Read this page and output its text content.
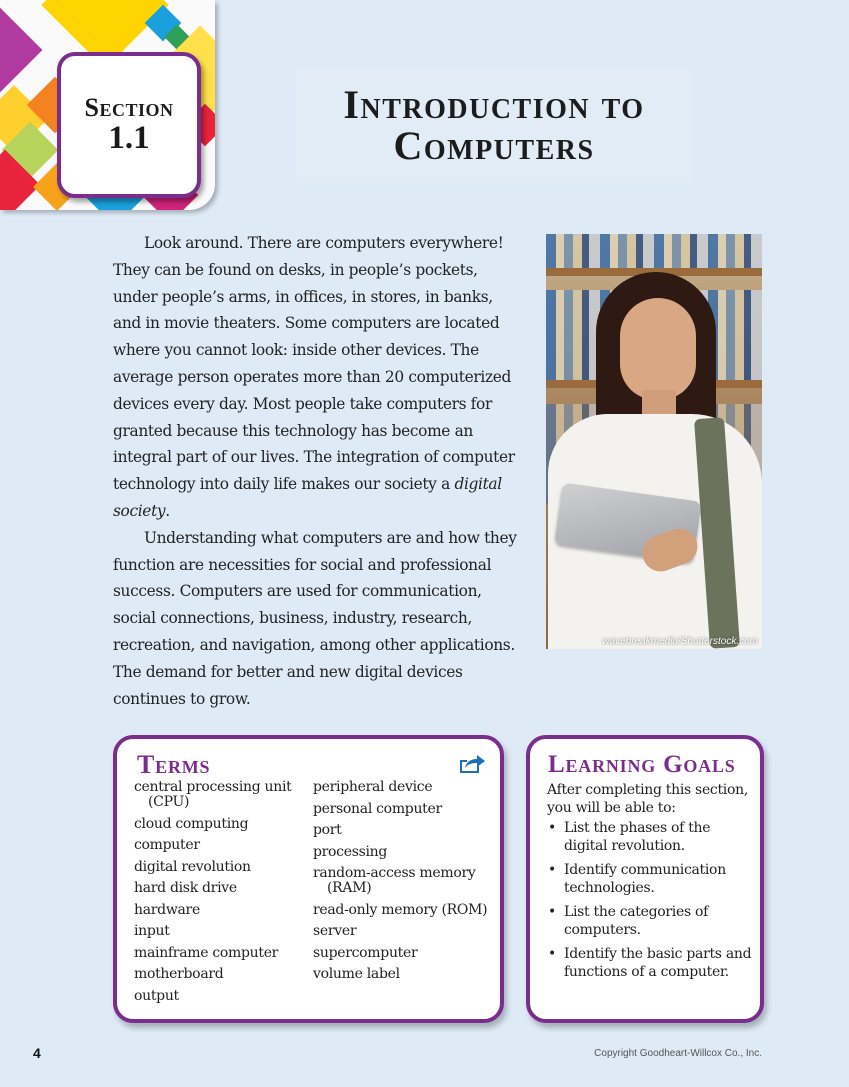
Section
1.1
Introduction to
Computers

Look around. There are computers everywhere! They can be found on desks, in people’s pockets, under people’s arms, in offices, in stores, in banks, and in movie theaters. Some computers are located where you cannot look: inside other devices. The average person operates more than 20 computerized devices every day. Most people take computers for granted because this technology has become an integral part of our lives. The integration of computer technology into daily life makes our society a digital society.

Understanding what computers are and how they function are necessities for social and professional success. Computers are used for communication, social connections, business, industry, research, recreation, and navigation, among other applications. The demand for better and new digital devices continues to grow.

wavebreakmedia/Shutterstock.com
Terms
central processing unit (CPU)
cloud computing
computer
digital revolution
hard disk drive
hardware
input
mainframe computer
motherboard
output
peripheral device
personal computer
port
processing
random-access memory (RAM)
read-only memory (ROM)
server
supercomputer
volume label
Learning Goals
After completing this section, you will be able to:
• List the phases of the digital revolution.
• Identify communication technologies.
• List the categories of computers.
• Identify the basic parts and functions of a computer.
4	Copyright Goodheart-Willcox Co., Inc.
